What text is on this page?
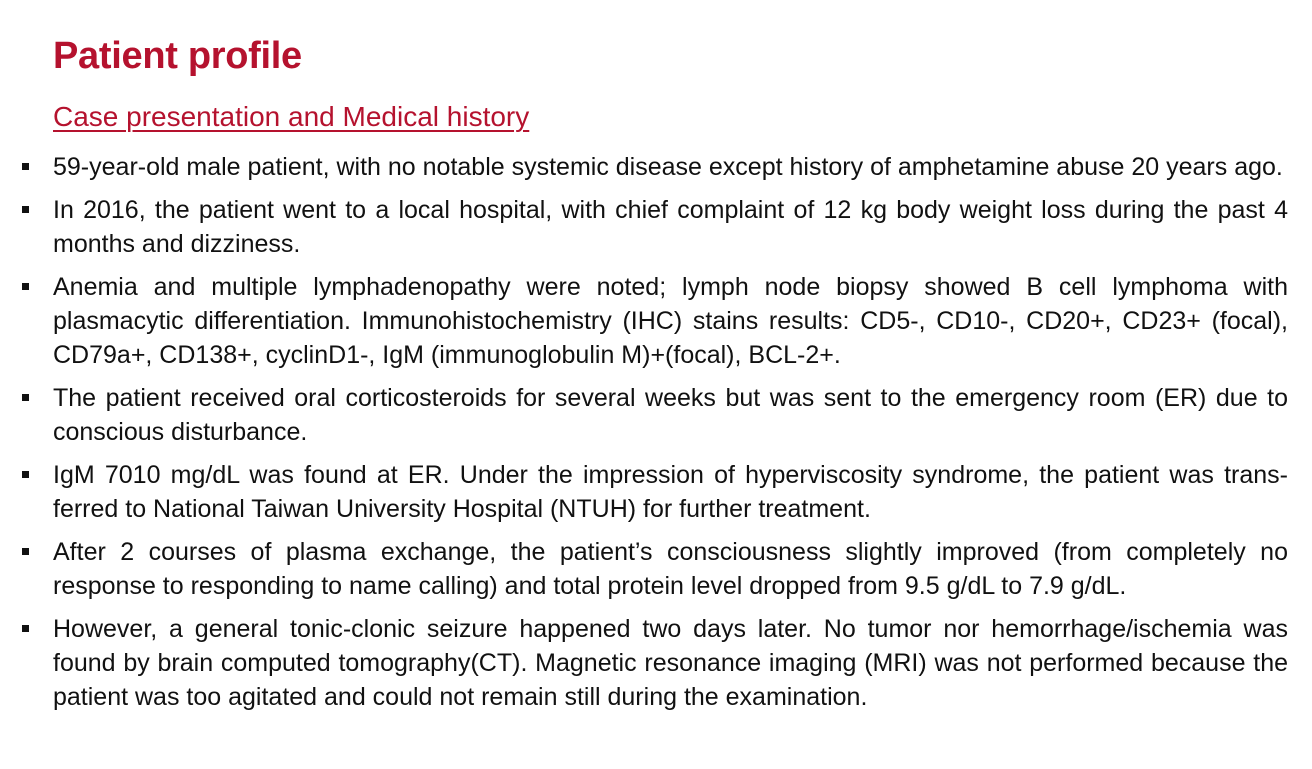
Patient profile
Case presentation and Medical history
59-year-old male patient, with no notable systemic disease except history of amphetamine abuse 20 years ago.
In 2016, the patient went to a local hospital, with chief complaint of 12 kg body weight loss during the past 4 months and dizziness.
Anemia and multiple lymphadenopathy were noted; lymph node biopsy showed B cell lymphoma with plasmacytic differentiation. Immunohistochemistry (IHC) stains results: CD5-, CD10-, CD20+, CD23+ (focal), CD79a+, CD138+, cyclinD1-, IgM (immunoglobulin M)+(focal), BCL-2+.
The patient received oral corticosteroids for several weeks but was sent to the emergency room (ER) due to conscious disturbance.
IgM 7010 mg/dL was found at ER. Under the impression of hyperviscosity syndrome, the patient was transferred to National Taiwan University Hospital (NTUH) for further treatment.
After 2 courses of plasma exchange, the patient’s consciousness slightly improved (from completely no response to responding to name calling) and total protein level dropped from 9.5 g/dL to 7.9 g/dL.
However, a general tonic-clonic seizure happened two days later. No tumor nor hemorrhage/ischemia was found by brain computed tomography(CT). Magnetic resonance imaging (MRI) was not performed because the patient was too agitated and could not remain still during the examination.
